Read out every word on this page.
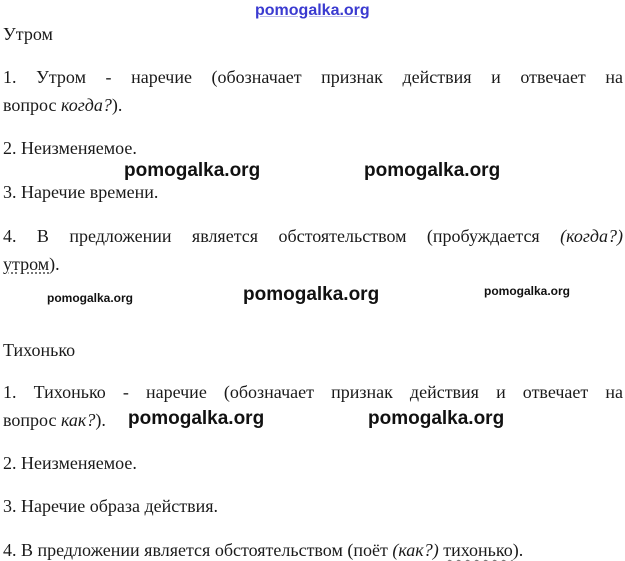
pomogalka.org
Утром
1. Утром - наречие (обозначает признак действия и отвечает на
вопрос когда?).
2. Неизменяемое.
pomogalka.org	pomogalka.org
3. Наречие времени.
4. В предложении является обстоятельством (пробуждается (когда?)
утром).
pomogalka.org	pomogalka.org	pomogalka.org
Тихонько
1. Тихонько - наречие (обозначает признак действия и отвечает на
вопрос как?). pomogalka.org	pomogalka.org
2. Неизменяемое.
3. Наречие образа действия.
4. В предложении является обстоятельством (поёт (как?) тихонько).
